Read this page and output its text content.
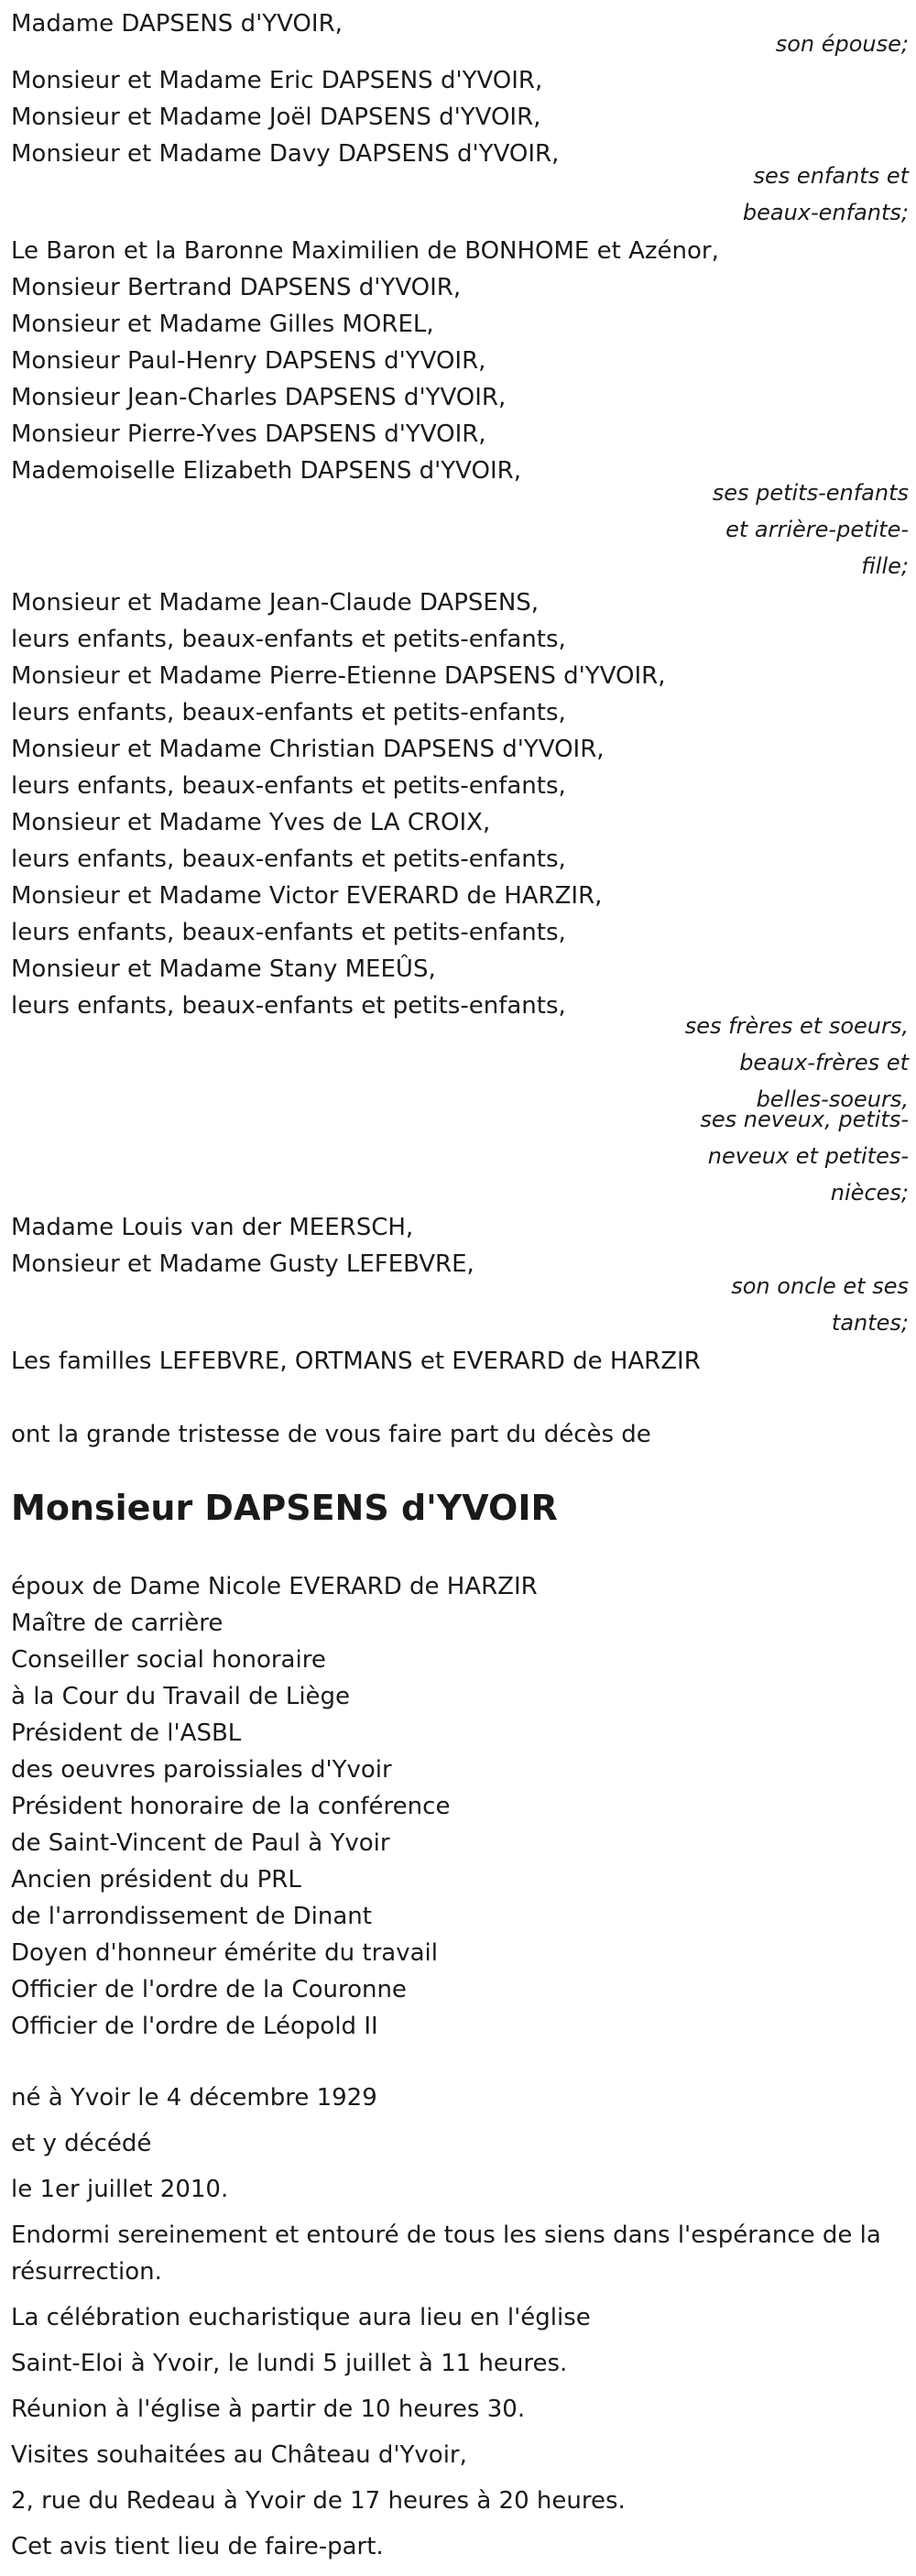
Madame DAPSENS d'YVOIR,
son épouse;
Monsieur et Madame Eric DAPSENS d'YVOIR,
Monsieur et Madame Joël DAPSENS d'YVOIR,
Monsieur et Madame Davy DAPSENS d'YVOIR,
ses enfants et
beaux-enfants;
Le Baron et la Baronne Maximilien de BONHOME et Azénor,
Monsieur Bertrand DAPSENS d'YVOIR,
Monsieur et Madame Gilles MOREL,
Monsieur Paul-Henry DAPSENS d'YVOIR,
Monsieur Jean-Charles DAPSENS d'YVOIR,
Monsieur Pierre-Yves DAPSENS d'YVOIR,
Mademoiselle Elizabeth DAPSENS d'YVOIR,
ses petits-enfants
et arrière-petite-
fille;
Monsieur et Madame Jean-Claude DAPSENS,
leurs enfants, beaux-enfants et petits-enfants,
Monsieur et Madame Pierre-Etienne DAPSENS d'YVOIR,
leurs enfants, beaux-enfants et petits-enfants,
Monsieur et Madame Christian DAPSENS d'YVOIR,
leurs enfants, beaux-enfants et petits-enfants,
Monsieur et Madame Yves de LA CROIX,
leurs enfants, beaux-enfants et petits-enfants,
Monsieur et Madame Victor EVERARD de HARZIR,
leurs enfants, beaux-enfants et petits-enfants,
Monsieur et Madame Stany MEEÛS,
leurs enfants, beaux-enfants et petits-enfants,
ses frères et soeurs,
beaux-frères et
belles-soeurs,
ses neveux, petits-
neveux et petites-
nièces;
Madame Louis van der MEERSCH,
Monsieur et Madame Gusty LEFEBVRE,
son oncle et ses
tantes;
Les familles LEFEBVRE, ORTMANS et EVERARD de HARZIR
ont la grande tristesse de vous faire part du décès de
Monsieur DAPSENS d'YVOIR
époux de Dame Nicole EVERARD de HARZIR
Maître de carrière
Conseiller social honoraire
à la Cour du Travail de Liège
Président de l'ASBL
des oeuvres paroissiales d'Yvoir
Président honoraire de la conférence
de Saint-Vincent de Paul à Yvoir
Ancien président du PRL
de l'arrondissement de Dinant
Doyen d'honneur émérite du travail
Officier de l'ordre de la Couronne
Officier de l'ordre de Léopold II
né à Yvoir le 4 décembre 1929
et y décédé
le 1er juillet 2010.
Endormi sereinement et entouré de tous les siens dans l'espérance de la
résurrection.
La célébration eucharistique aura lieu en l'église
Saint-Eloi à Yvoir, le lundi 5 juillet à 11 heures.
Réunion à l'église à partir de 10 heures 30.
Visites souhaitées au Château d'Yvoir,
2, rue du Redeau à Yvoir de 17 heures à 20 heures.
Cet avis tient lieu de faire-part.
